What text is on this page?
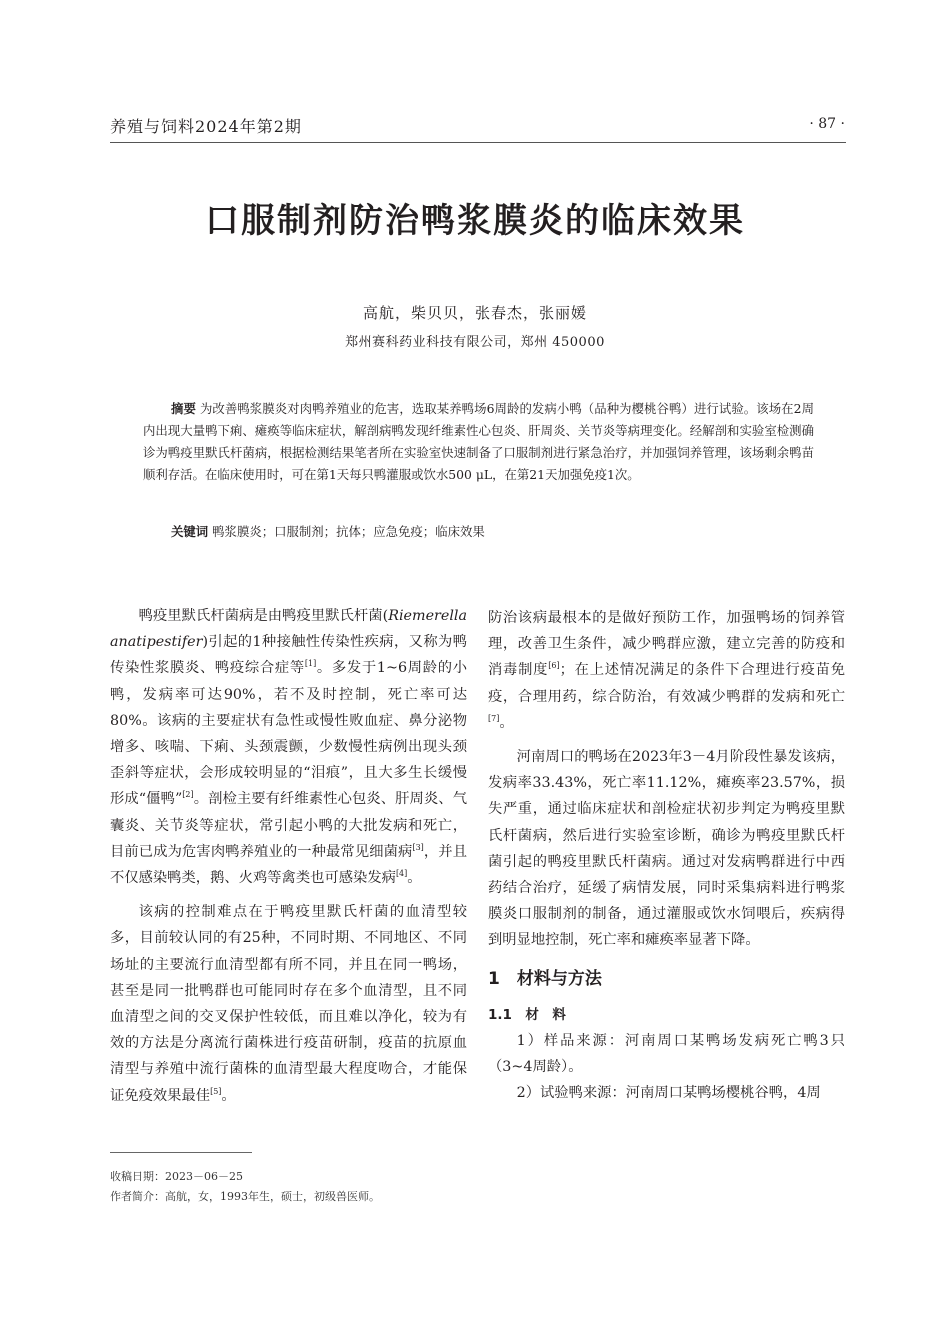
养殖与饲料2024年第2期	· 87 ·
口服制剂防治鸭浆膜炎的临床效果
高航，柴贝贝，张春杰，张丽媛
郑州赛科药业科技有限公司，郑州 450000
摘要 为改善鸭浆膜炎对肉鸭养殖业的危害，选取某养鸭场6周龄的发病小鸭（品种为樱桃谷鸭）进行试验。该场在2周内出现大量鸭下痢、瘫痪等临床症状，解剖病鸭发现纤维素性心包炎、肝周炎、关节炎等病理变化。经解剖和实验室检测确诊为鸭疫里默氏杆菌病，根据检测结果笔者所在实验室快速制备了口服制剂进行紧急治疗，并加强饲养管理，该场剩余鸭苗顺利存活。在临床使用时，可在第1天每只鸭灌服或饮水500 μL，在第21天加强免疫1次。
关键词 鸭浆膜炎；口服制剂；抗体；应急免疫；临床效果

鸭疫里默氏杆菌病是由鸭疫里默氏杆菌(Riemerella anatipestifer)引起的1种接触性传染性疾病，又称为鸭传染性浆膜炎、鸭疫综合症等[1]。多发于1~6周龄的小鸭，发病率可达90%，若不及时控制，死亡率可达80%。该病的主要症状有急性或慢性败血症、鼻分泌物增多、咳喘、下痢、头颈震颤，少数慢性病例出现头颈歪斜等症状，会形成较明显的“泪痕”，且大多生长缓慢形成“僵鸭”[2]。剖检主要有纤维素性心包炎、肝周炎、气囊炎、关节炎等症状，常引起小鸭的大批发病和死亡，目前已成为危害肉鸭养殖业的一种最常见细菌病[3]，并且不仅感染鸭类，鹅、火鸡等禽类也可感染发病[4]。

该病的控制难点在于鸭疫里默氏杆菌的血清型较多，目前较认同的有25种，不同时期、不同地区、不同场址的主要流行血清型都有所不同，并且在同一鸭场，甚至是同一批鸭群也可能同时存在多个血清型，且不同血清型之间的交叉保护性较低，而且难以净化，较为有效的方法是分离流行菌株进行疫苗研制，疫苗的抗原血清型与养殖中流行菌株的血清型最大程度吻合，才能保证免疫效果最佳[5]。

防治该病最根本的是做好预防工作，加强鸭场的饲养管理，改善卫生条件，减少鸭群应激，建立完善的防疫和消毒制度[6]；在上述情况满足的条件下合理进行疫苗免疫，合理用药，综合防治，有效减少鸭群的发病和死亡[7]。

河南周口的鸭场在2023年3－4月阶段性暴发该病，发病率33.43%，死亡率11.12%，瘫痪率23.57%，损失严重，通过临床症状和剖检症状初步判定为鸭疫里默氏杆菌病，然后进行实验室诊断，确诊为鸭疫里默氏杆菌引起的鸭疫里默氏杆菌病。通过对发病鸭群进行中西药结合治疗，延缓了病情发展，同时采集病料进行鸭浆膜炎口服制剂的制备，通过灌服或饮水饲喂后，疾病得到明显地控制，死亡率和瘫痪率显著下降。

1　材料与方法

1.1　材　料

1）样品来源：河南周口某鸭场发病死亡鸭3只（3~4周龄）。

2）试验鸭来源：河南周口某鸭场樱桃谷鸭，4周

收稿日期：2023－06－25
作者简介：高航，女，1993年生，硕士，初级兽医师。
